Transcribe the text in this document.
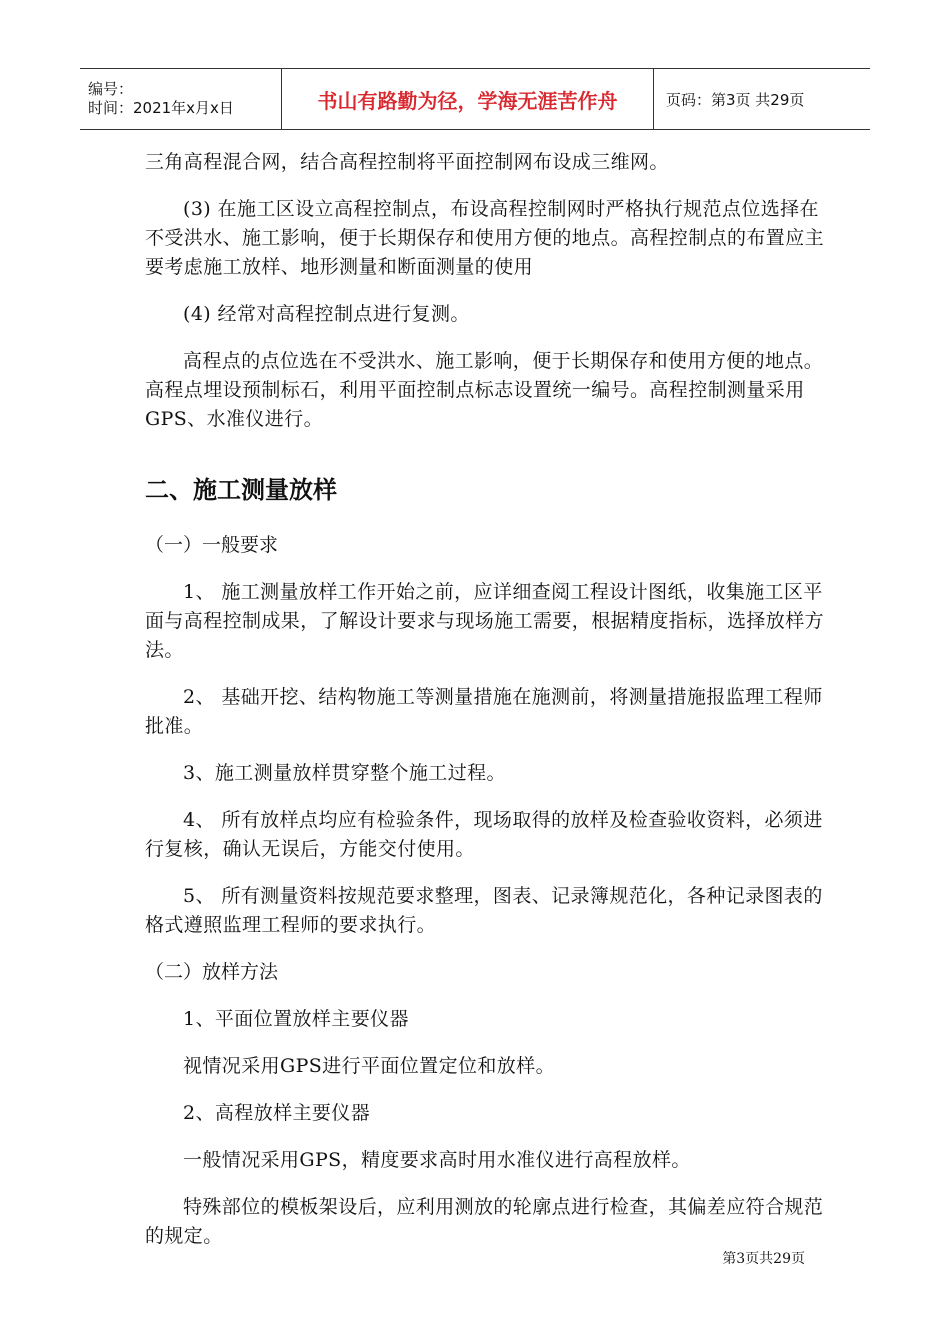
编号：
时间：2021年x月x日	书山有路勤为径，学海无涯苦作舟	页码：第3页 共29页
三角高程混合网，结合高程控制将平面控制网布设成三维网。
(3) 在施工区设立高程控制点，布设高程控制网时严格执行规范点位选择在不受洪水、施工影响，便于长期保存和使用方便的地点。高程控制点的布置应主要考虑施工放样、地形测量和断面测量的使用
(4) 经常对高程控制点进行复测。
高程点的点位选在不受洪水、施工影响，便于长期保存和使用方便的地点。高程点埋设预制标石，利用平面控制点标志设置统一编号。高程控制测量采用GPS、水准仪进行。
二、施工测量放样
（一）一般要求
1、 施工测量放样工作开始之前，应详细查阅工程设计图纸，收集施工区平面与高程控制成果，了解设计要求与现场施工需要，根据精度指标，选择放样方法。
2、 基础开挖、结构物施工等测量措施在施测前，将测量措施报监理工程师批准。
3、施工测量放样贯穿整个施工过程。
4、 所有放样点均应有检验条件，现场取得的放样及检查验收资料，必须进行复核，确认无误后，方能交付使用。
5、 所有测量资料按规范要求整理，图表、记录簿规范化，各种记录图表的格式遵照监理工程师的要求执行。
（二）放样方法
1、平面位置放样主要仪器
视情况采用GPS进行平面位置定位和放样。
2、高程放样主要仪器
一般情况采用GPS，精度要求高时用水准仪进行高程放样。
特殊部位的模板架设后，应利用测放的轮廓点进行检查，其偏差应符合规范的规定。
第3页共29页
